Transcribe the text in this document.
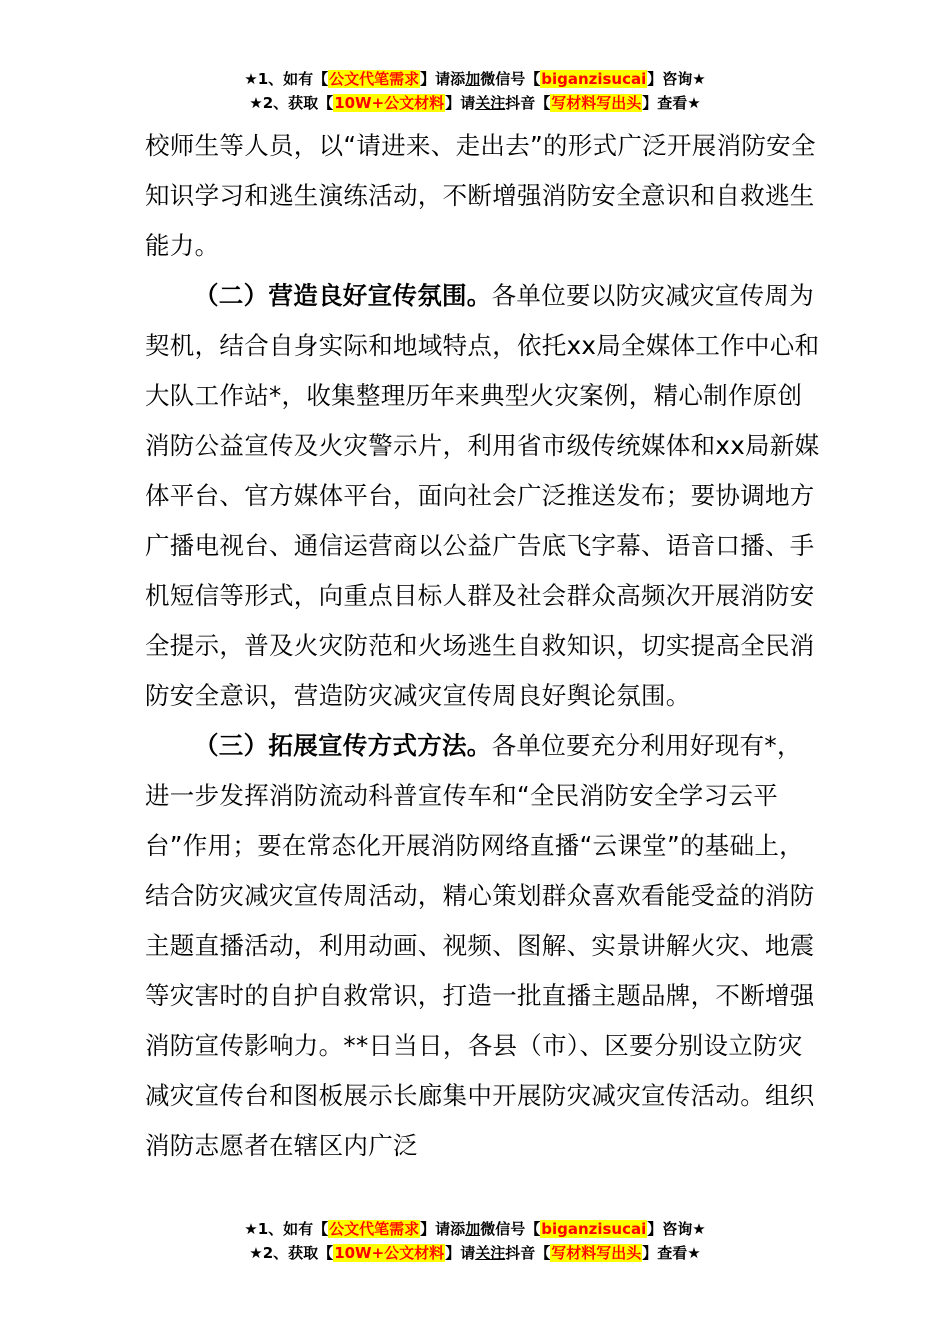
★1、如有【公文代笔需求】请添加微信号【biganzisucai】咨询★
★2、获取【10W+公文材料】请关注抖音【写材料写出头】查看★

校师生等人员，以“请进来、走出去”的形式广泛开展消防安全知识学习和逃生演练活动，不断增强消防安全意识和自救逃生能力。

（二）营造良好宣传氛围。各单位要以防灾减灾宣传周为契机，结合自身实际和地域特点，依托xx局全媒体工作中心和大队工作站*，收集整理历年来典型火灾案例，精心制作原创消防公益宣传及火灾警示片，利用省市级传统媒体和xx局新媒体平台、官方媒体平台，面向社会广泛推送发布；要协调地方广播电视台、通信运营商以公益广告底飞字幕、语音口播、手机短信等形式，向重点目标人群及社会群众高频次开展消防安全提示，普及火灾防范和火场逃生自救知识，切实提高全民消防安全意识，营造防灾减灾宣传周良好舆论氛围。

（三）拓展宣传方式方法。各单位要充分利用好现有*，进一步发挥消防流动科普宣传车和“全民消防安全学习云平台”作用；要在常态化开展消防网络直播“云课堂”的基础上，结合防灾减灾宣传周活动，精心策划群众喜欢看能受益的消防主题直播活动，利用动画、视频、图解、实景讲解火灾、地震等灾害时的自护自救常识，打造一批直播主题品牌，不断增强消防宣传影响力。**日当日，各县（市）、区要分别设立防灾减灾宣传台和图板展示长廊集中开展防灾减灾宣传活动。组织消防志愿者在辖区内广泛

★1、如有【公文代笔需求】请添加微信号【biganzisucai】咨询★
★2、获取【10W+公文材料】请关注抖音【写材料写出头】查看★
